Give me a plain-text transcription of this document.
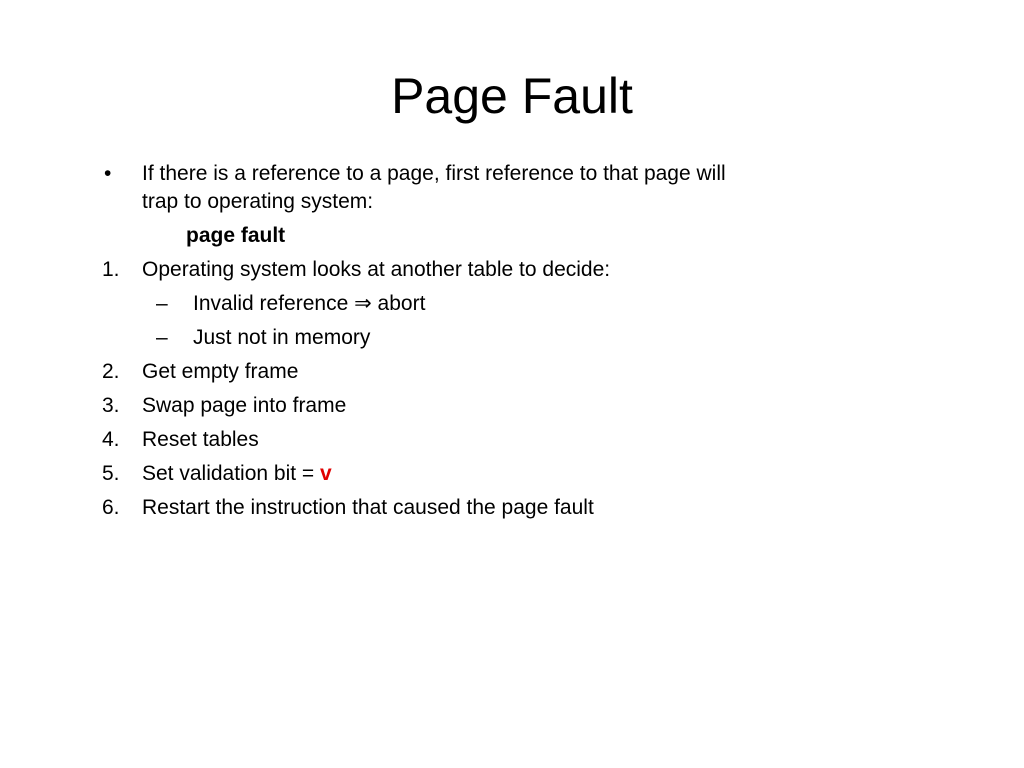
Page Fault
• If there is a reference to a page, first reference to that page will
trap to operating system:
page fault
1. Operating system looks at another table to decide:
– Invalid reference ⇒ abort
– Just not in memory
2. Get empty frame
3. Swap page into frame
4. Reset tables
5. Set validation bit = v
6. Restart the instruction that caused the page fault
